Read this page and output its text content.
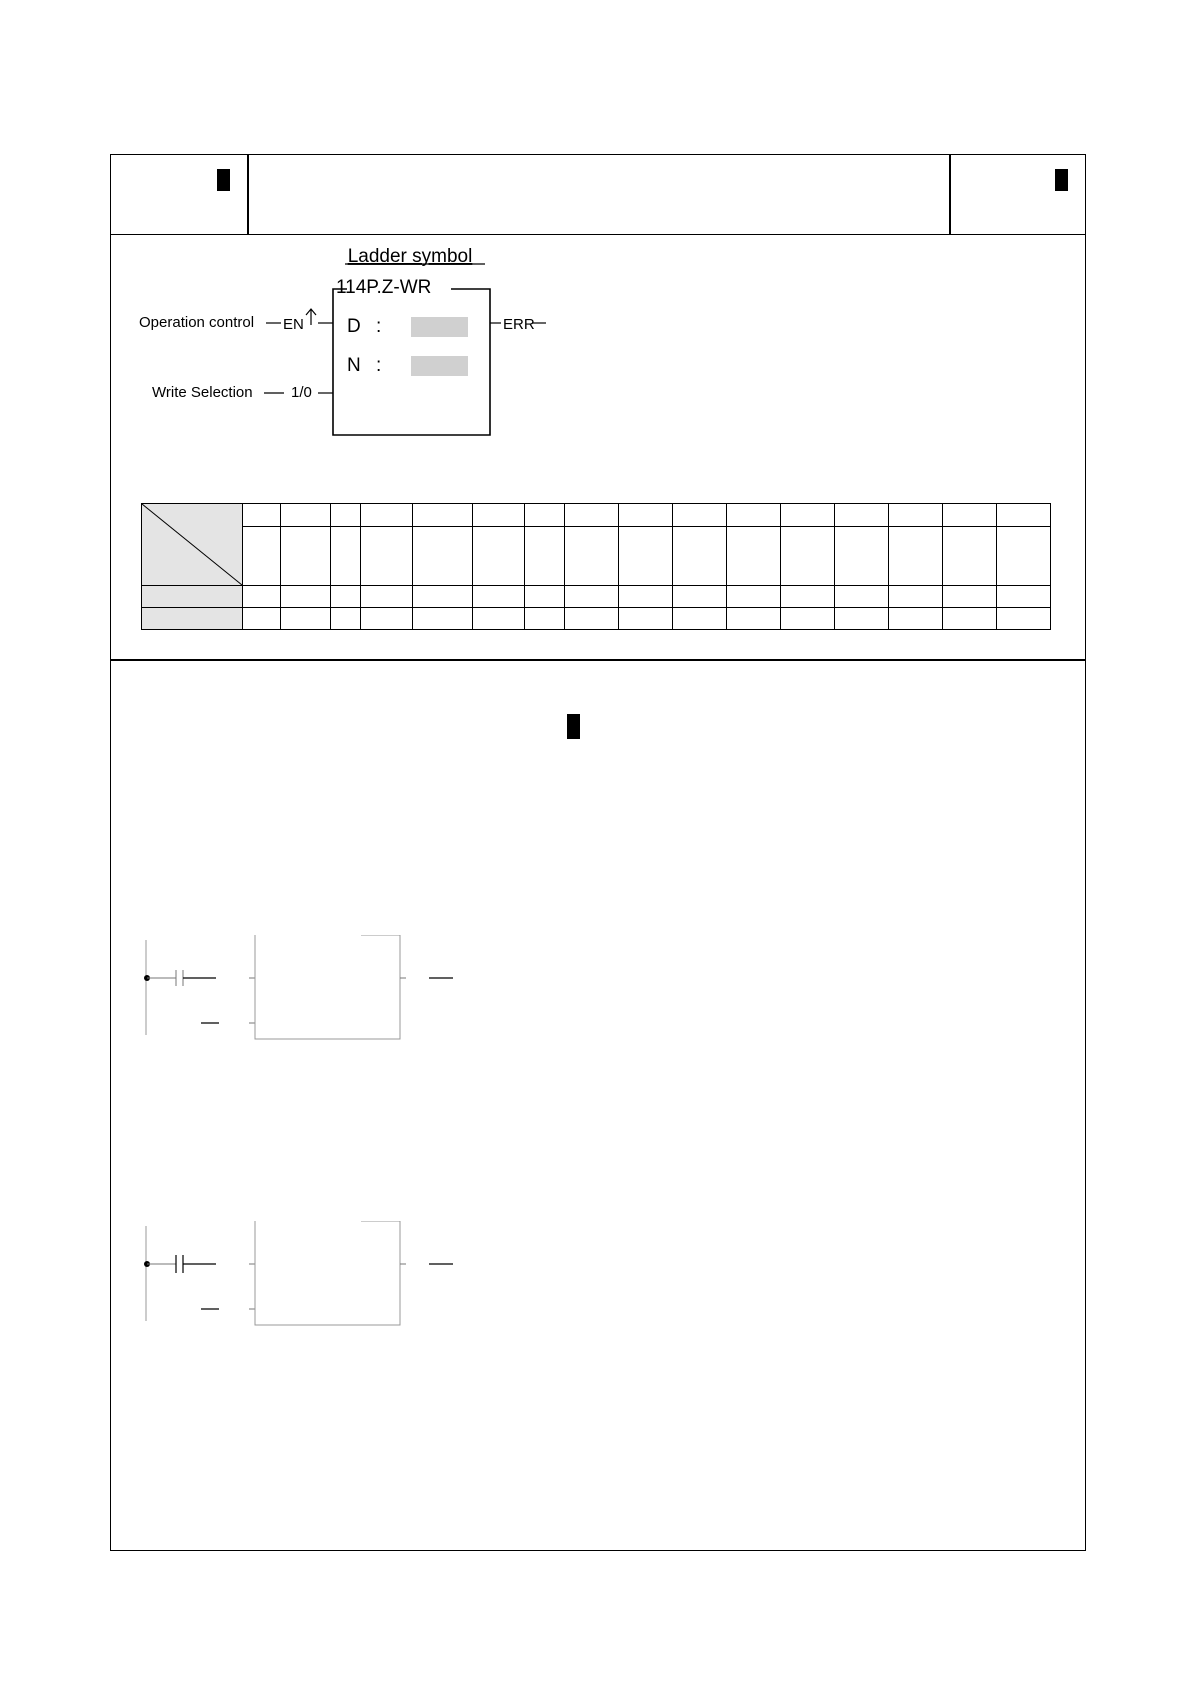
Ladder symbol
114P.Z-WR
D :
N :
Operation control EN
Write Selection	1/0
ERR
